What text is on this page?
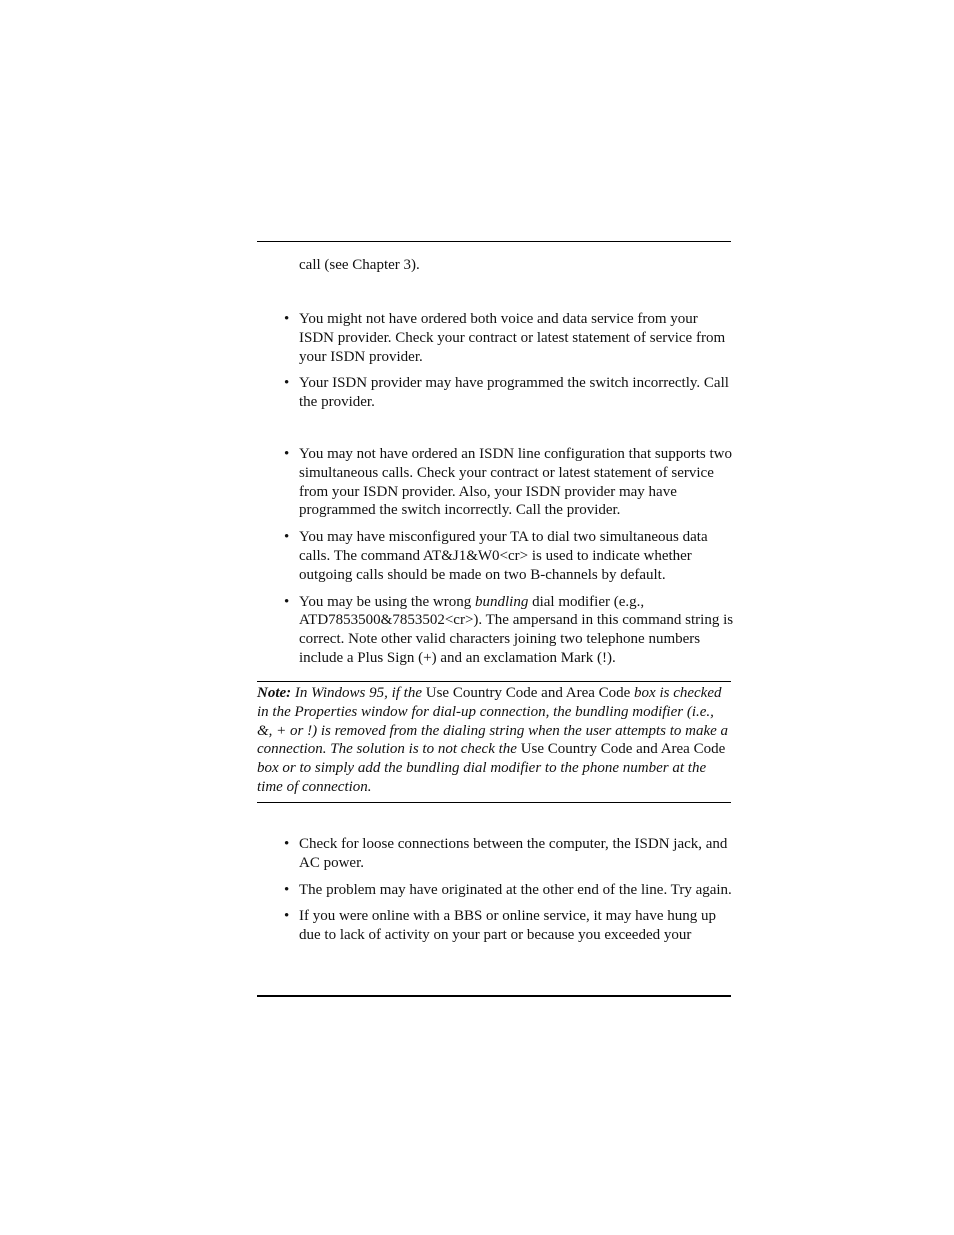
call (see Chapter 3).

• You might not have ordered both voice and data service from your ISDN provider. Check your contract or latest statement of service from your ISDN provider.
• Your ISDN provider may have programmed the switch incorrectly. Call the provider.
• You may not have ordered an ISDN line configuration that supports two simultaneous calls. Check your contract or latest statement of service from your ISDN provider. Also, your ISDN provider may have programmed the switch incorrectly. Call the provider.
• You may have misconfigured your TA to dial two simultaneous data calls. The command AT&J1&W0<cr> is used to indicate whether outgoing calls should be made on two B-channels by default.
• You may be using the wrong bundling dial modifier (e.g., ATD7853500&7853502<cr>). The ampersand in this command string is correct. Note other valid characters joining two telephone numbers include a Plus Sign (+) and an exclamation Mark (!).

Note: In Windows 95, if the Use Country Code and Area Code box is checked in the Properties window for dial-up connection, the bundling modifier (i.e., &, + or !) is removed from the dialing string when the user attempts to make a connection. The solution is to not check the Use Country Code and Area Code box or to simply add the bundling dial modifier to the phone number at the time of connection.

• Check for loose connections between the computer, the ISDN jack, and AC power.
• The problem may have originated at the other end of the line. Try again.
• If you were online with a BBS or online service, it may have hung up due to lack of activity on your part or because you exceeded your
